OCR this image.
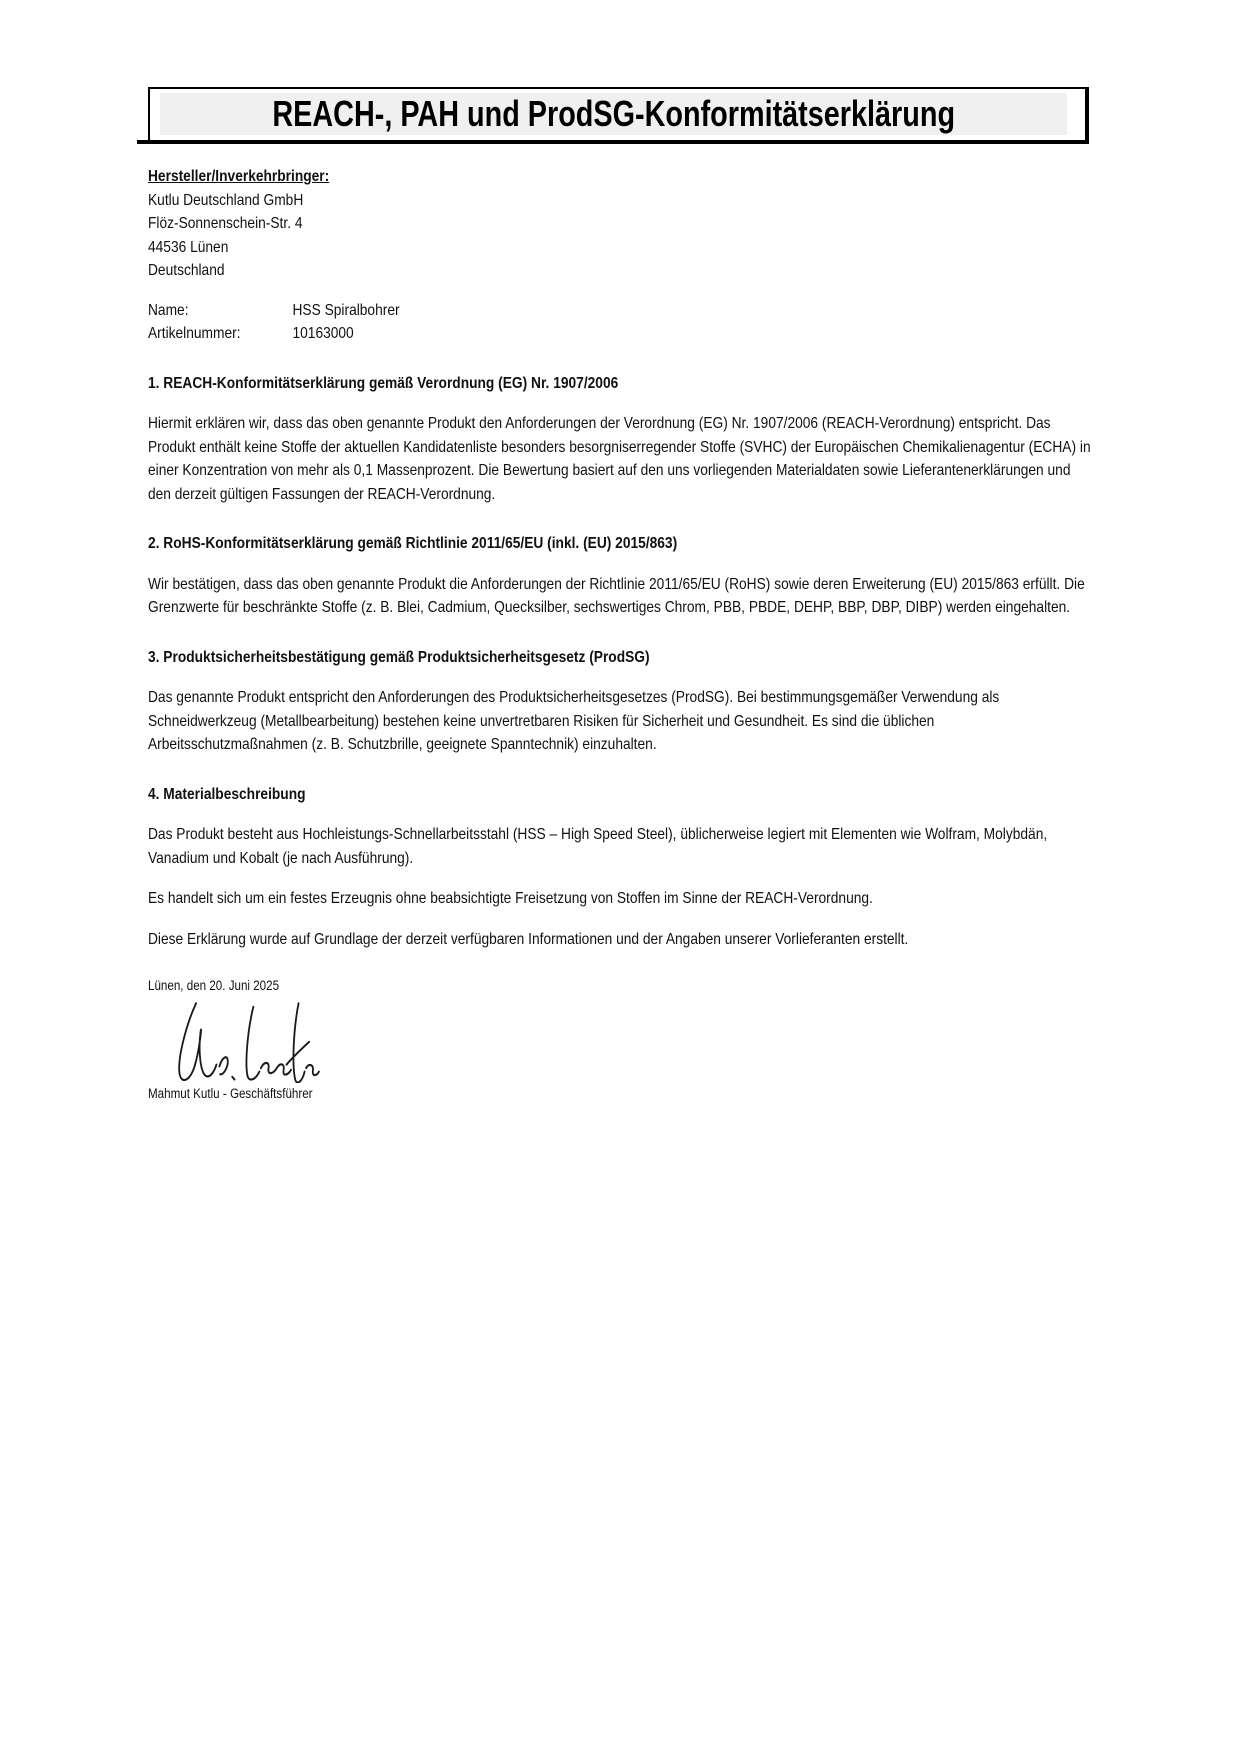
REACH-, PAH und ProdSG-Konformitätserklärung
Hersteller/Inverkehrbringer:
Kutlu Deutschland GmbH
Flöz-Sonnenschein-Str. 4
44536 Lünen
Deutschland
Name:	HSS Spiralbohrer
Artikelnummer:	10163000
1. REACH-Konformitätserklärung gemäß Verordnung (EG) Nr. 1907/2006

Hiermit erklären wir, dass das oben genannte Produkt den Anforderungen der Verordnung (EG) Nr. 1907/2006 (REACH-Verordnung) entspricht. Das Produkt enthält keine Stoffe der aktuellen Kandidatenliste besonders besorgniserregender Stoffe (SVHC) der Europäischen Chemikalienagentur (ECHA) in einer Konzentration von mehr als 0,1 Massenprozent. Die Bewertung basiert auf den uns vorliegenden Materialdaten sowie Lieferantenerklärungen und den derzeit gültigen Fassungen der REACH-Verordnung.

2. RoHS-Konformitätserklärung gemäß Richtlinie 2011/65/EU (inkl. (EU) 2015/863)

Wir bestätigen, dass das oben genannte Produkt die Anforderungen der Richtlinie 2011/65/EU (RoHS) sowie deren Erweiterung (EU) 2015/863 erfüllt. Die Grenzwerte für beschränkte Stoffe (z. B. Blei, Cadmium, Quecksilber, sechswertiges Chrom, PBB, PBDE, DEHP, BBP, DBP, DIBP) werden eingehalten.

3. Produktsicherheitsbestätigung gemäß Produktsicherheitsgesetz (ProdSG)

Das genannte Produkt entspricht den Anforderungen des Produktsicherheitsgesetzes (ProdSG). Bei bestimmungsgemäßer Verwendung als Schneidwerkzeug (Metallbearbeitung) bestehen keine unvertretbaren Risiken für Sicherheit und Gesundheit. Es sind die üblichen Arbeitsschutzmaßnahmen (z. B. Schutzbrille, geeignete Spanntechnik) einzuhalten.

4. Materialbeschreibung

Das Produkt besteht aus Hochleistungs-Schnellarbeitsstahl (HSS – High Speed Steel), üblicherweise legiert mit Elementen wie Wolfram, Molybdän, Vanadium und Kobalt (je nach Ausführung).

Es handelt sich um ein festes Erzeugnis ohne beabsichtigte Freisetzung von Stoffen im Sinne der REACH-Verordnung.

Diese Erklärung wurde auf Grundlage der derzeit verfügbaren Informationen und der Angaben unserer Vorlieferanten erstellt.

Lünen, den 20. Juni 2025
Mahmut Kutlu - Geschäftsführer
